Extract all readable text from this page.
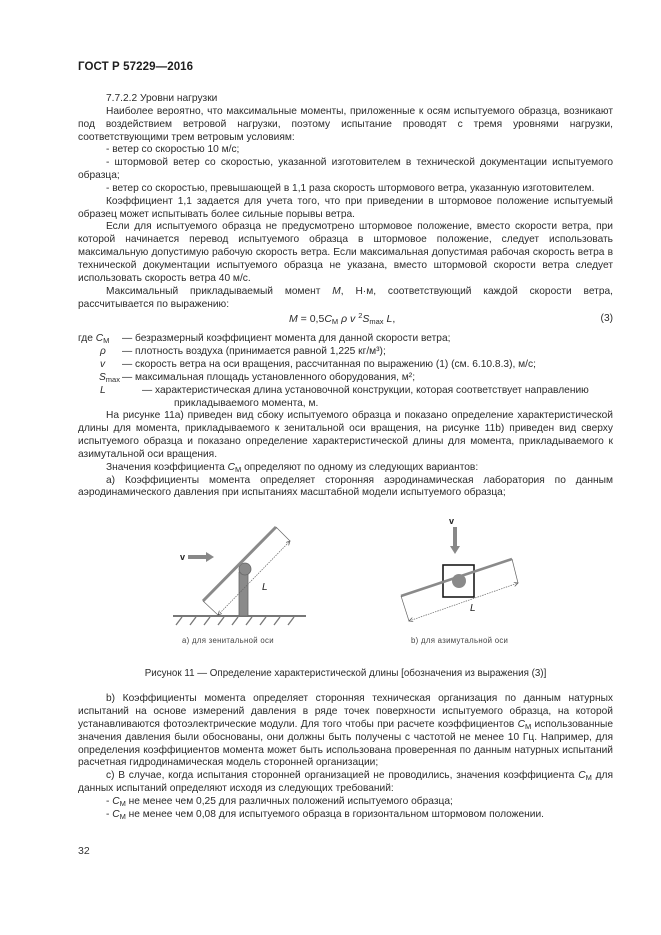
ГОСТ Р 57229—2016

7.7.2.2 Уровни нагрузки

Наиболее вероятно, что максимальные моменты, приложенные к осям испытуемого образца, возникают под воздействием ветровой нагрузки, поэтому испытание проводят с тремя уровнями нагрузки, соответствующими трем ветровым условиям:

- ветер со скоростью 10 м/с;

- штормовой ветер со скоростью, указанной изготовителем в технической документации испытуемого образца;

- ветер со скоростью, превышающей в 1,1 раза скорость штормового ветра, указанную изготовителем.

Коэффициент 1,1 задается для учета того, что при приведении в штормовое положение испытуемый образец может испытывать более сильные порывы ветра.

Если для испытуемого образца не предусмотрено штормовое положение, вместо скорости ветра, при которой начинается перевод испытуемого образца в штормовое положение, следует использовать максимальную допустимую рабочую скорость ветра. Если максимальная допустимая рабочая скорость ветра в технической документации испытуемого образца не указана, вместо штормовой скорости ветра следует использовать скорость ветра 40 м/с.

Максимальный прикладываемый момент M, Н·м, соответствующий каждой скорости ветра, рассчитывается по выражению:

$M = 0,5C_M$ ρ v $^2S_{max}$ L,	(3)
где $C_M$	— безразмерный коэффициент момента для данной скорости ветра;
ρ	— плотность воздуха (принимается равной 1,225 кг/м³);
v	— скорость ветра на оси вращения, рассчитанная по выражению (1) (см. 6.10.8.3), м/с;
$S_{max}$ — максимальная площадь установленного оборудования, м²;
L	— характеристическая длина установочной конструкции, которая соответствует направлению прикладываемого момента, м.

На рисунке 11а) приведен вид сбоку испытуемого образца и показано определение характеристической длины для момента, прикладываемого к зенитальной оси вращения, на рисунке 11b) приведен вид сверху испытуемого образца и показано определение характеристической длины для момента, прикладываемого к азимутальной оси вращения.

Значения коэффициента $C_M$ определяют по одному из следующих вариантов:

а) Коэффициенты момента определяет сторонняя аэродинамическая лаборатория по данным аэродинамического давления при испытаниях масштабной модели испытуемого образца;

v
L
v
L
а) для зенитальной оси	b) для азимутальной оси

Рисунок 11 — Определение характеристической длины [обозначения из выражения (3)]

b) Коэффициенты момента определяет сторонняя техническая организация по данным натурных испытаний на основе измерений давления в ряде точек поверхности испытуемого образца, на которой устанавливаются фотоэлектрические модули. Для того чтобы при расчете коэффициентов $C_M$ использованные значения давления были обоснованы, они должны быть получены с частотой не менее 10 Гц. Например, для определения коэффициентов момента может быть использована проверенная по данным натурных испытаний расчетная гидродинамическая модель сторонней организации;

с) В случае, когда испытания сторонней организацией не проводились, значения коэффициента $C_M$ для данных испытаний определяют исходя из следующих требований:

- $C_M$ не менее чем 0,25 для различных положений испытуемого образца;

- $C_M$ не менее чем 0,08 для испытуемого образца в горизонтальном штормовом положении.

32
